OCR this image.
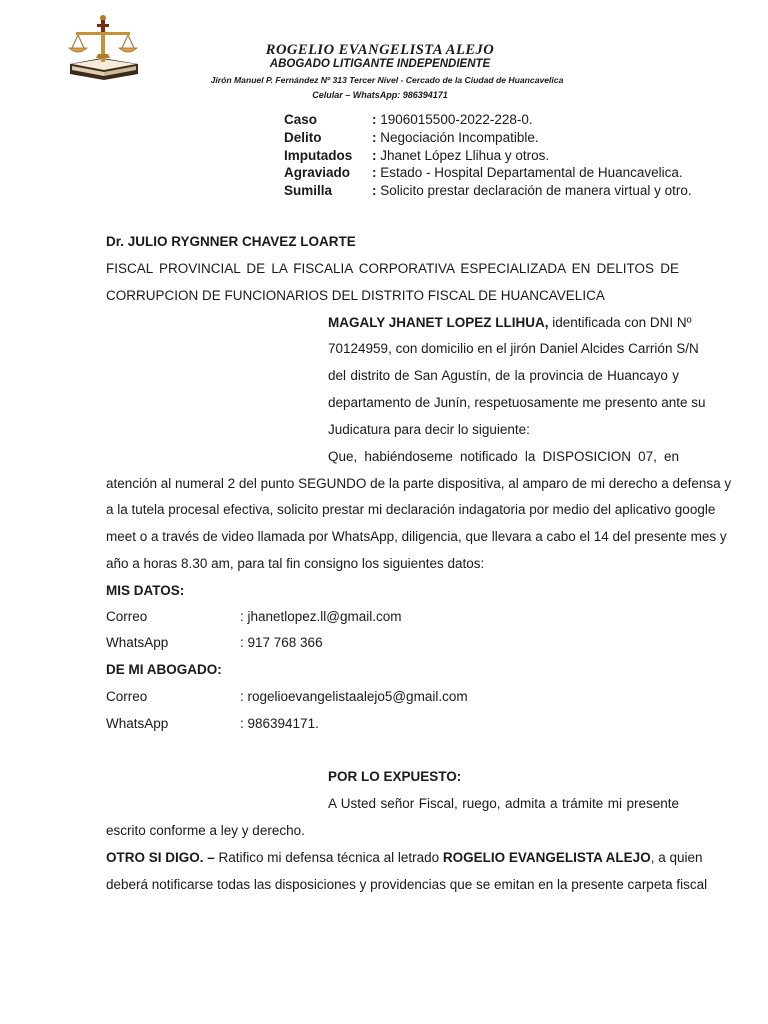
ROGELIO EVANGELISTA ALEJO
ABOGADO LITIGANTE INDEPENDIENTE
Jirón Manuel P. Fernández Nº 313 Tercer Nivel - Cercado de la Ciudad de Huancavelica
Celular – WhatsApp: 986394171
Caso	: 1906015500-2022-228-0.
Delito	: Negociación Incompatible.
Imputados	: Jhanet López Llihua y otros.
Agraviado	: Estado - Hospital Departamental de Huancavelica.
Sumilla	: Solicito prestar declaración de manera virtual y otro.
Dr. JULIO RYGNNER CHAVEZ LOARTE
FISCAL PROVINCIAL DE LA FISCALIA CORPORATIVA ESPECIALIZADA EN DELITOS DE
CORRUPCION DE FUNCIONARIOS DEL DISTRITO FISCAL DE HUANCAVELICA
MAGALY JHANET LOPEZ LLIHUA, identificada con DNI Nº
70124959, con domicilio en el jirón Daniel Alcides Carrión S/N
del distrito de San Agustín, de la provincia de Huancayo y
departamento de Junín, respetuosamente me presento ante su
Judicatura para decir lo siguiente:
Que, habiéndoseme notificado la DISPOSICION 07, en
atención al numeral 2 del punto SEGUNDO de la parte dispositiva, al amparo de mi derecho a defensa y
a la tutela procesal efectiva, solicito prestar mi declaración indagatoria por medio del aplicativo google
meet o a través de video llamada por WhatsApp, diligencia, que llevara a cabo el 14 del presente mes y
año a horas 8.30 am, para tal fin consigno los siguientes datos:
MIS DATOS:
Correo	: jhanetlopez.ll@gmail.com
WhatsApp	: 917 768 366
DE MI ABOGADO:
Correo	: rogelioevangelistaalejo5@gmail.com
WhatsApp	: 986394171.
POR LO EXPUESTO:
A Usted señor Fiscal, ruego, admita a trámite mi presente
escrito conforme a ley y derecho.
OTRO SI DIGO. – Ratifico mi defensa técnica al letrado ROGELIO EVANGELISTA ALEJO, a quien
deberá notificarse todas las disposiciones y providencias que se emitan en la presente carpeta fiscal
